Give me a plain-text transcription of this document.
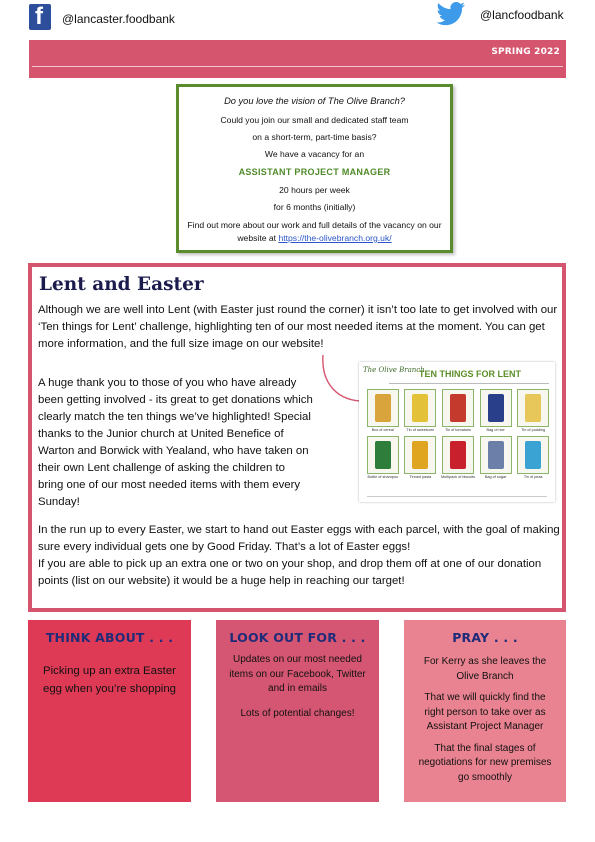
f @lancaster.foodbank	@lancfoodbank
SPRING 2022
Do you love the vision of The Olive Branch?
Could you join our small and dedicated staff team
on a short-term, part-time basis?
We have a vacancy for an
ASSISTANT PROJECT MANAGER
20 hours per week
for 6 months (initially)
Find out more about our work and full details of the vacancy on our
website at https://the-olivebranch.org.uk/
Lent and Easter
Although we are well into Lent (with Easter just round the corner) it isn’t too late to get involved with our ‘Ten things for Lent’ challenge, highlighting ten of our most needed items at the moment. You can get more information, and the full size image on our website!
A huge thank you to those of you who have already been getting involved - its great to get donations which clearly match the ten things we’ve highlighted! Special thanks to the Junior church at United Benefice of Warton and Borwick with Yealand, who have taken on their own Lent challenge of asking the children to bring one of our most needed items with them every Sunday!
The Olive Branch
TEN THINGS FOR LENT
Box of cereal	Tin of sweetcorn	Tin of tomatoes	Bag of rice	Tin of pudding
Bottle of shampoo	Tinned pasta	Multipack of biscuits	Bag of sugar	Tin of peas
In the run up to every Easter, we start to hand out Easter eggs with each parcel, with the goal of making sure every individual gets one by Good Friday. That’s a lot of Easter eggs!
If you are able to pick up an extra one or two on your shop, and drop them off at one of our donation points (list on our website) it would be a huge help in reaching our target!
THINK ABOUT . . .

Picking up an extra Easter egg when you’re shopping

LOOK OUT FOR . . .

Updates on our most needed items on our Facebook, Twitter and in emails

Lots of potential changes!

PRAY . . .

For Kerry as she leaves the Olive Branch

That we will quickly find the right person to take over as Assistant Project Manager

That the final stages of negotiations for new premises go smoothly
